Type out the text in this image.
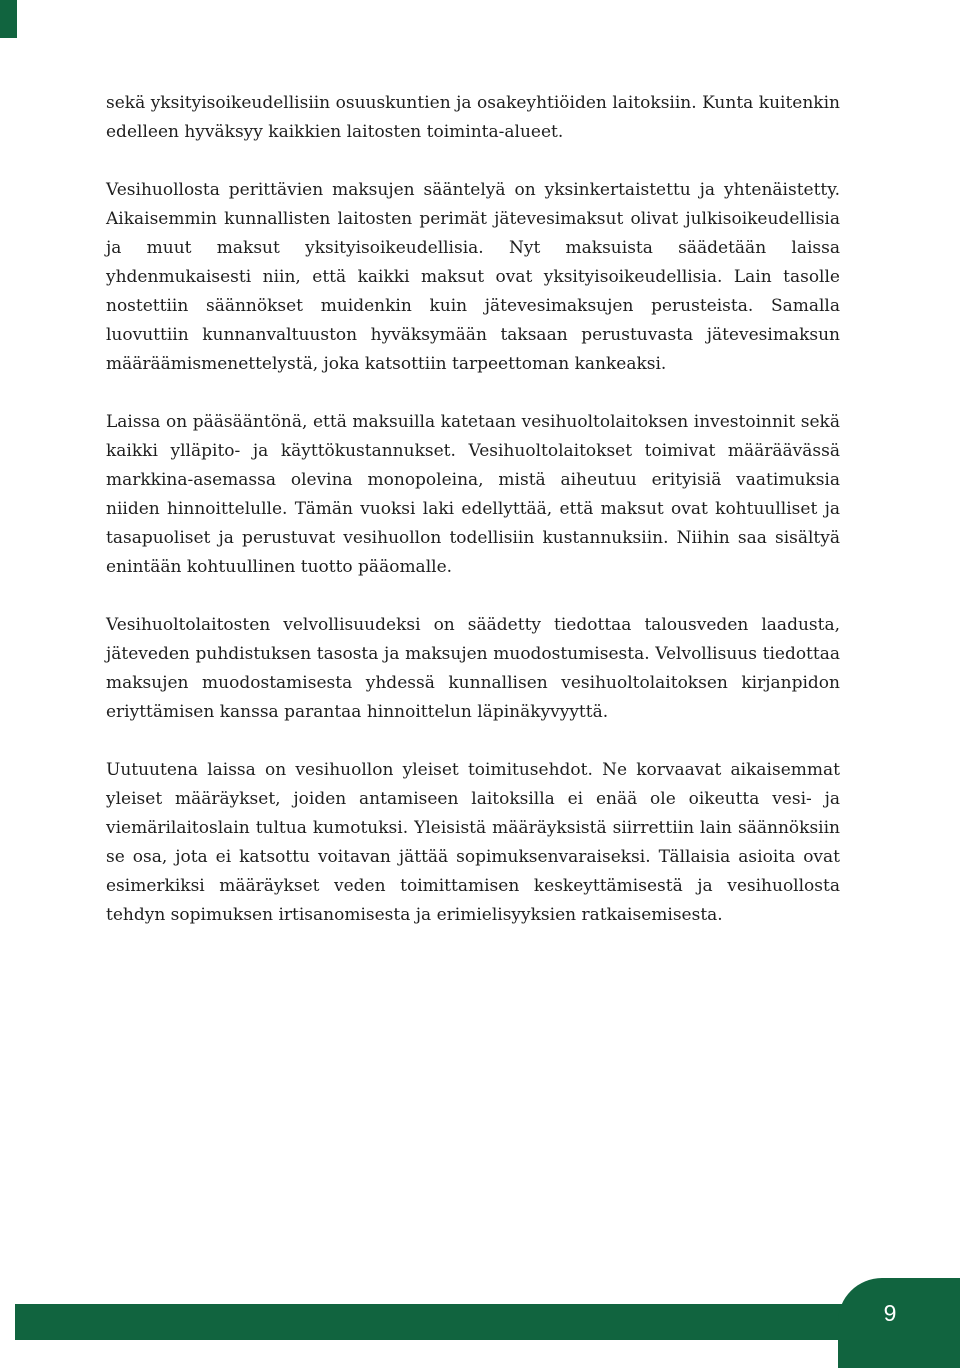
sekä yksityisoikeudellisiin osuuskuntien ja osakeyhtiöiden laitoksiin. Kunta kuitenkin edelleen hyväksyy kaikkien laitosten toiminta-alueet.

Vesihuollosta perittävien maksujen sääntelyä on yksinkertaistettu ja yhtenäistetty. Aikaisemmin kunnallisten laitosten perimät jätevesimaksut olivat julkisoikeudellisia ja muut maksut yksityisoikeudellisia. Nyt maksuista säädetään laissa yhdenmukaisesti niin, että kaikki maksut ovat yksityisoikeudellisia. Lain tasolle nostettiin säännökset muidenkin kuin jätevesimaksujen perusteista. Samalla luovuttiin kunnanvaltuuston hyväksymään taksaan perustuvasta jätevesimaksun määräämismenettelystä, joka katsottiin tarpeettoman kankeaksi.

Laissa on pääsääntönä, että maksuilla katetaan vesihuoltolaitoksen investoinnit sekä kaikki ylläpito- ja käyttökustannukset. Vesihuoltolaitokset toimivat määräävässä markkina-asemassa olevina monopoleina, mistä aiheutuu erityisiä vaatimuksia niiden hinnoittelulle. Tämän vuoksi laki edellyttää, että maksut ovat kohtuulliset ja tasapuoliset ja perustuvat vesihuollon todellisiin kustannuksiin. Niihin saa sisältyä enintään kohtuullinen tuotto pääomalle.

Vesihuoltolaitosten velvollisuudeksi on säädetty tiedottaa talousveden laadusta, jäteveden puhdistuksen tasosta ja maksujen muodostumisesta. Velvollisuus tiedottaa maksujen muodostamisesta yhdessä kunnallisen vesihuoltolaitoksen kirjanpidon eriyttämisen kanssa parantaa hinnoittelun läpinäkyvyyttä.

Uutuutena laissa on vesihuollon yleiset toimitusehdot. Ne korvaavat aikaisemmat yleiset määräykset, joiden antamiseen laitoksilla ei enää ole oikeutta vesi- ja viemärilaitoslain tultua kumotuksi. Yleisistä määräyksistä siirrettiin lain säännöksiin se osa, jota ei katsottu voitavan jättää sopimuksenvaraiseksi. Tällaisia asioita ovat esimerkiksi määräykset veden toimittamisen keskeyttämisestä ja vesihuollosta tehdyn sopimuksen irtisanomisesta ja erimielisyyksien ratkaisemisesta.

9
